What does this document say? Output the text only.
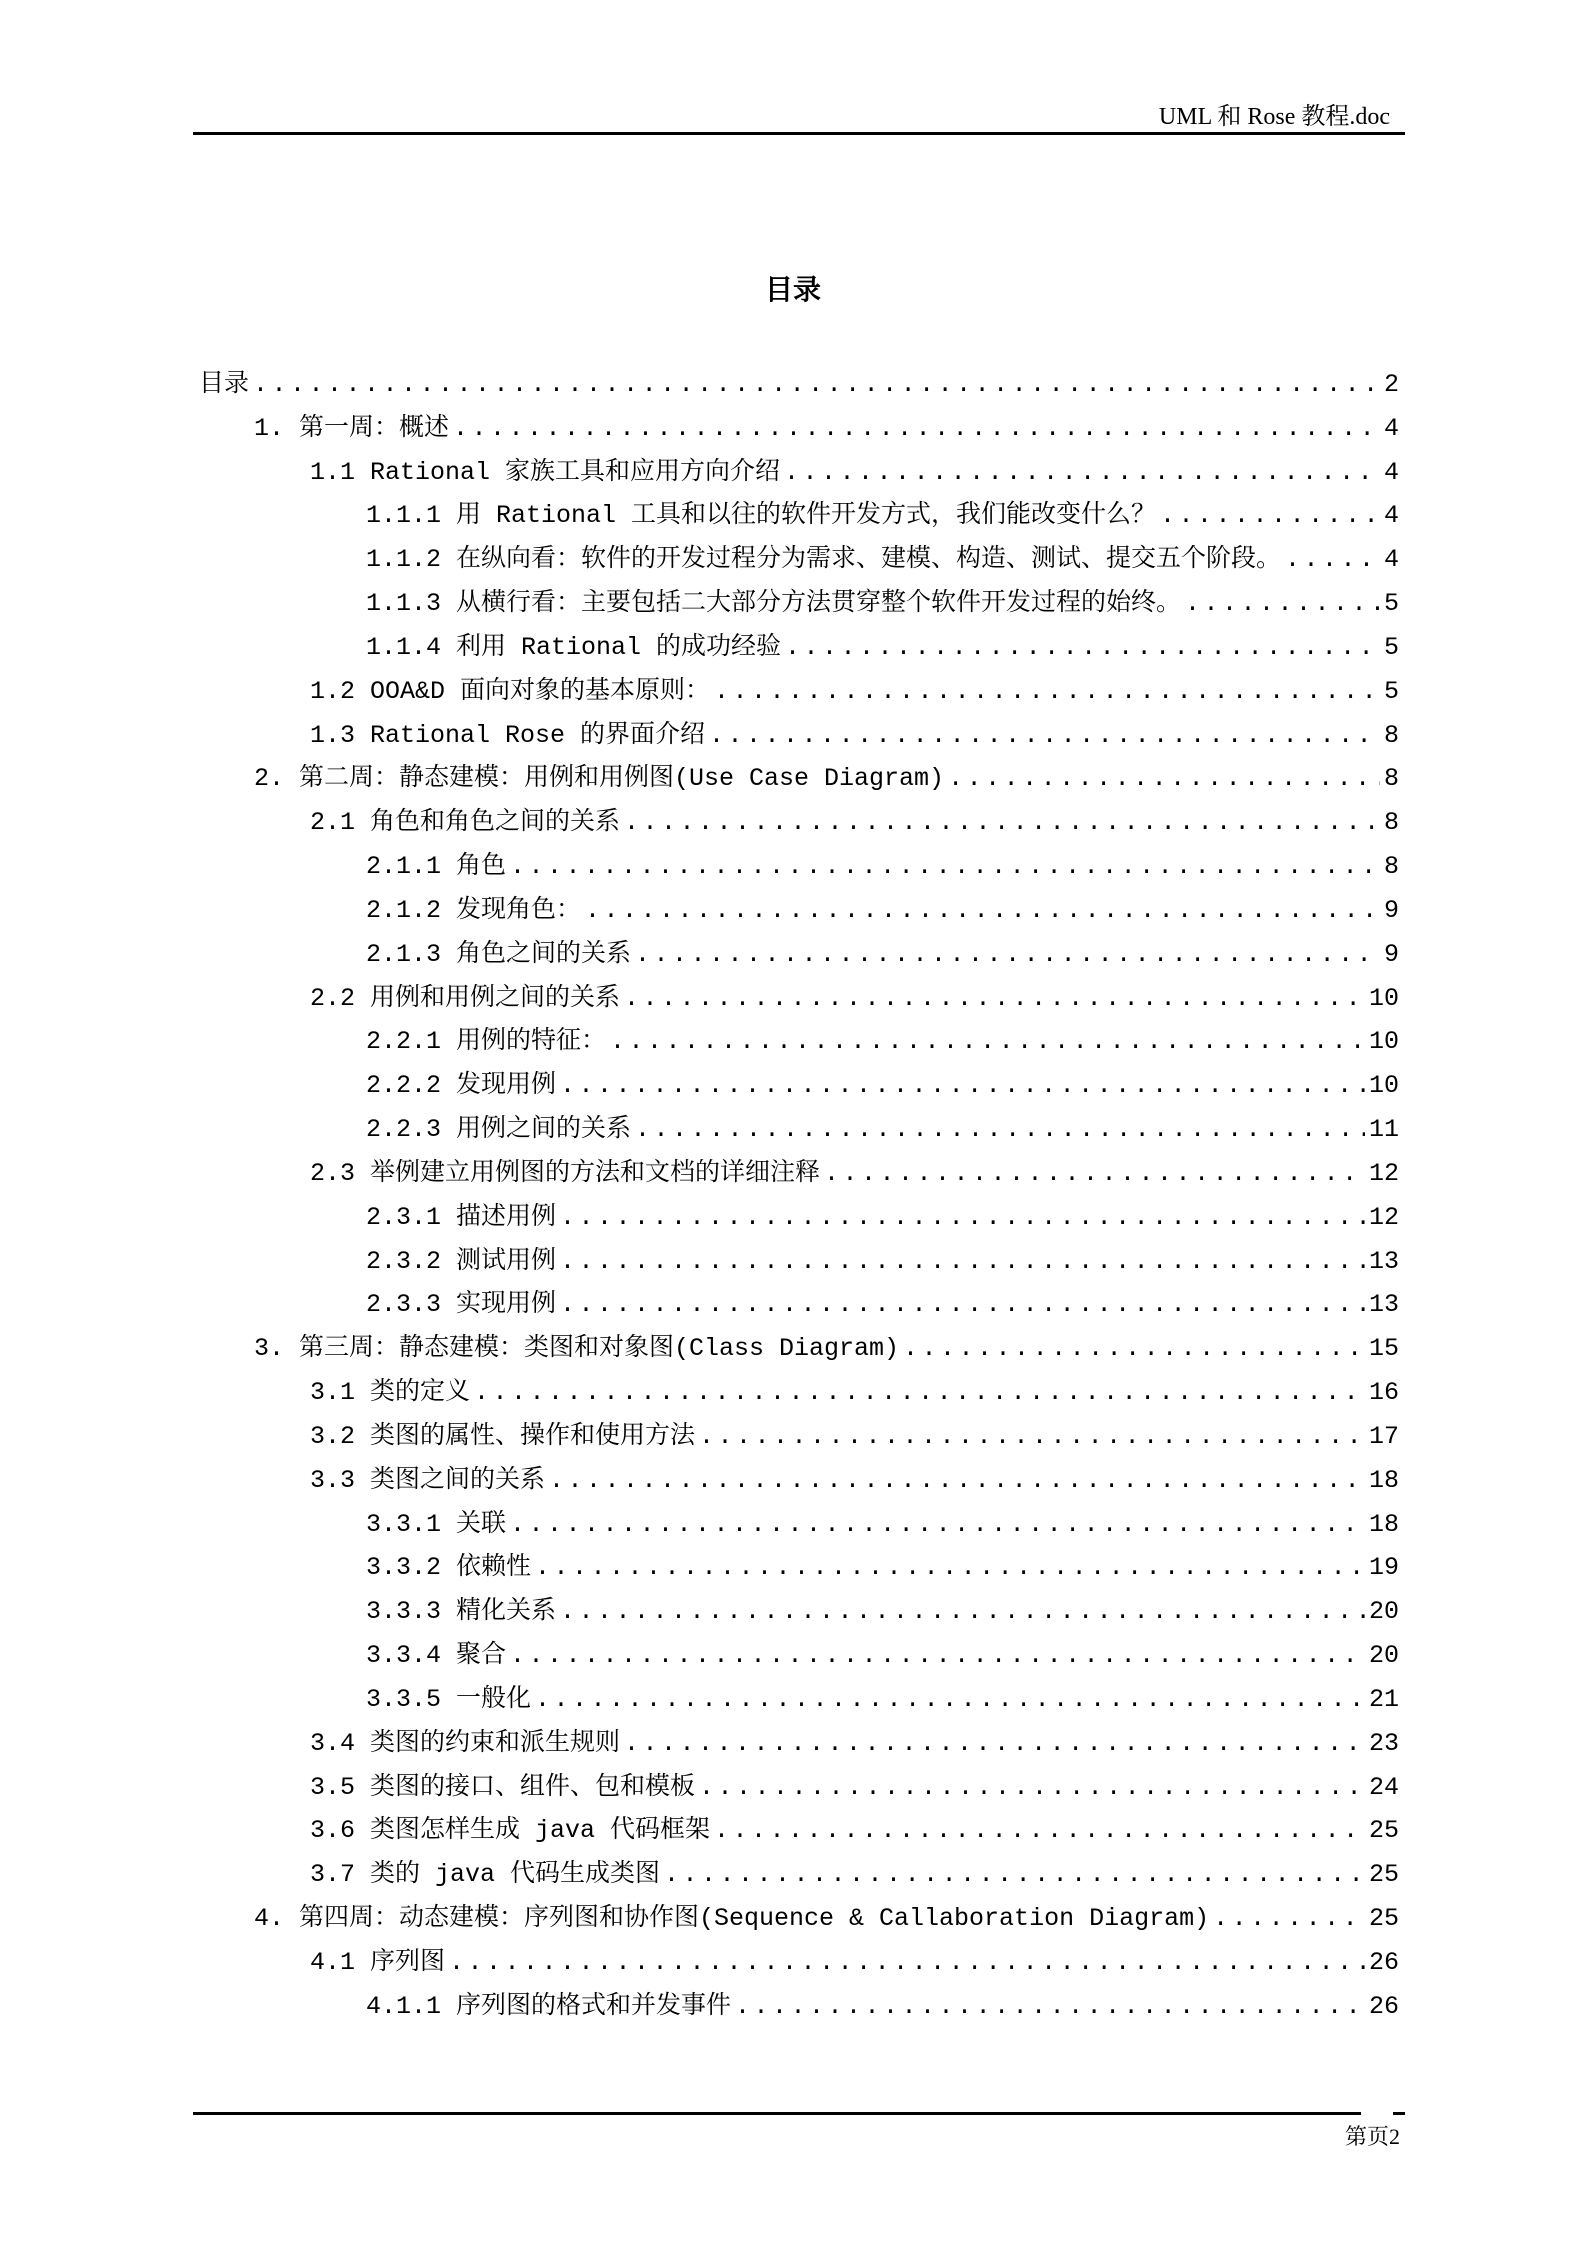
UML 和 Rose 教程.doc
目录
目录 .....	2
1. 第一周：概述 .....	4
1.1 Rational 家族工具和应用方向介绍 .....	4
1.1.1 用 Rational 工具和以往的软件开发方式，我们能改变什么？ .....	4
1.1.2 在纵向看：软件的开发过程分为需求、建模、构造、测试、提交五个阶段。 .....	4
1.1.3 从横行看：主要包括二大部分方法贯穿整个软件开发过程的始终。 .....	5
1.1.4 利用 Rational 的成功经验 .....	5
1.2 OOA&D 面向对象的基本原则： .....	5
1.3 Rational Rose 的界面介绍 .....	8
2. 第二周：静态建模：用例和用例图(Use Case Diagram) .....	8
2.1 角色和角色之间的关系 .....	8
2.1.1 角色 .....	8
2.1.2 发现角色： .....	9
2.1.3 角色之间的关系 .....	9
2.2 用例和用例之间的关系 .....	10
2.2.1 用例的特征： .....	10
2.2.2 发现用例 .....	10
2.2.3 用例之间的关系 .....	11
2.3 举例建立用例图的方法和文档的详细注释 .....	12
2.3.1 描述用例 .....	12
2.3.2 测试用例 .....	13
2.3.3 实现用例 .....	13
3. 第三周：静态建模：类图和对象图(Class Diagram) .....	15
3.1 类的定义 .....	16
3.2 类图的属性、操作和使用方法 .....	17
3.3 类图之间的关系 .....	18
3.3.1 关联 .....	18
3.3.2 依赖性 .....	19
3.3.3 精化关系 .....	20
3.3.4 聚合 .....	20
3.3.5 一般化 .....	21
3.4 类图的约束和派生规则 .....	23
3.5 类图的接口、组件、包和模板 .....	24
3.6 类图怎样生成 java 代码框架 .....	25
3.7 类的 java 代码生成类图 .....	25
4. 第四周：动态建模：序列图和协作图(Sequence & Callaboration Diagram) .....	25
4.1 序列图 .....	26
4.1.1 序列图的格式和并发事件 .....	26
第页2
